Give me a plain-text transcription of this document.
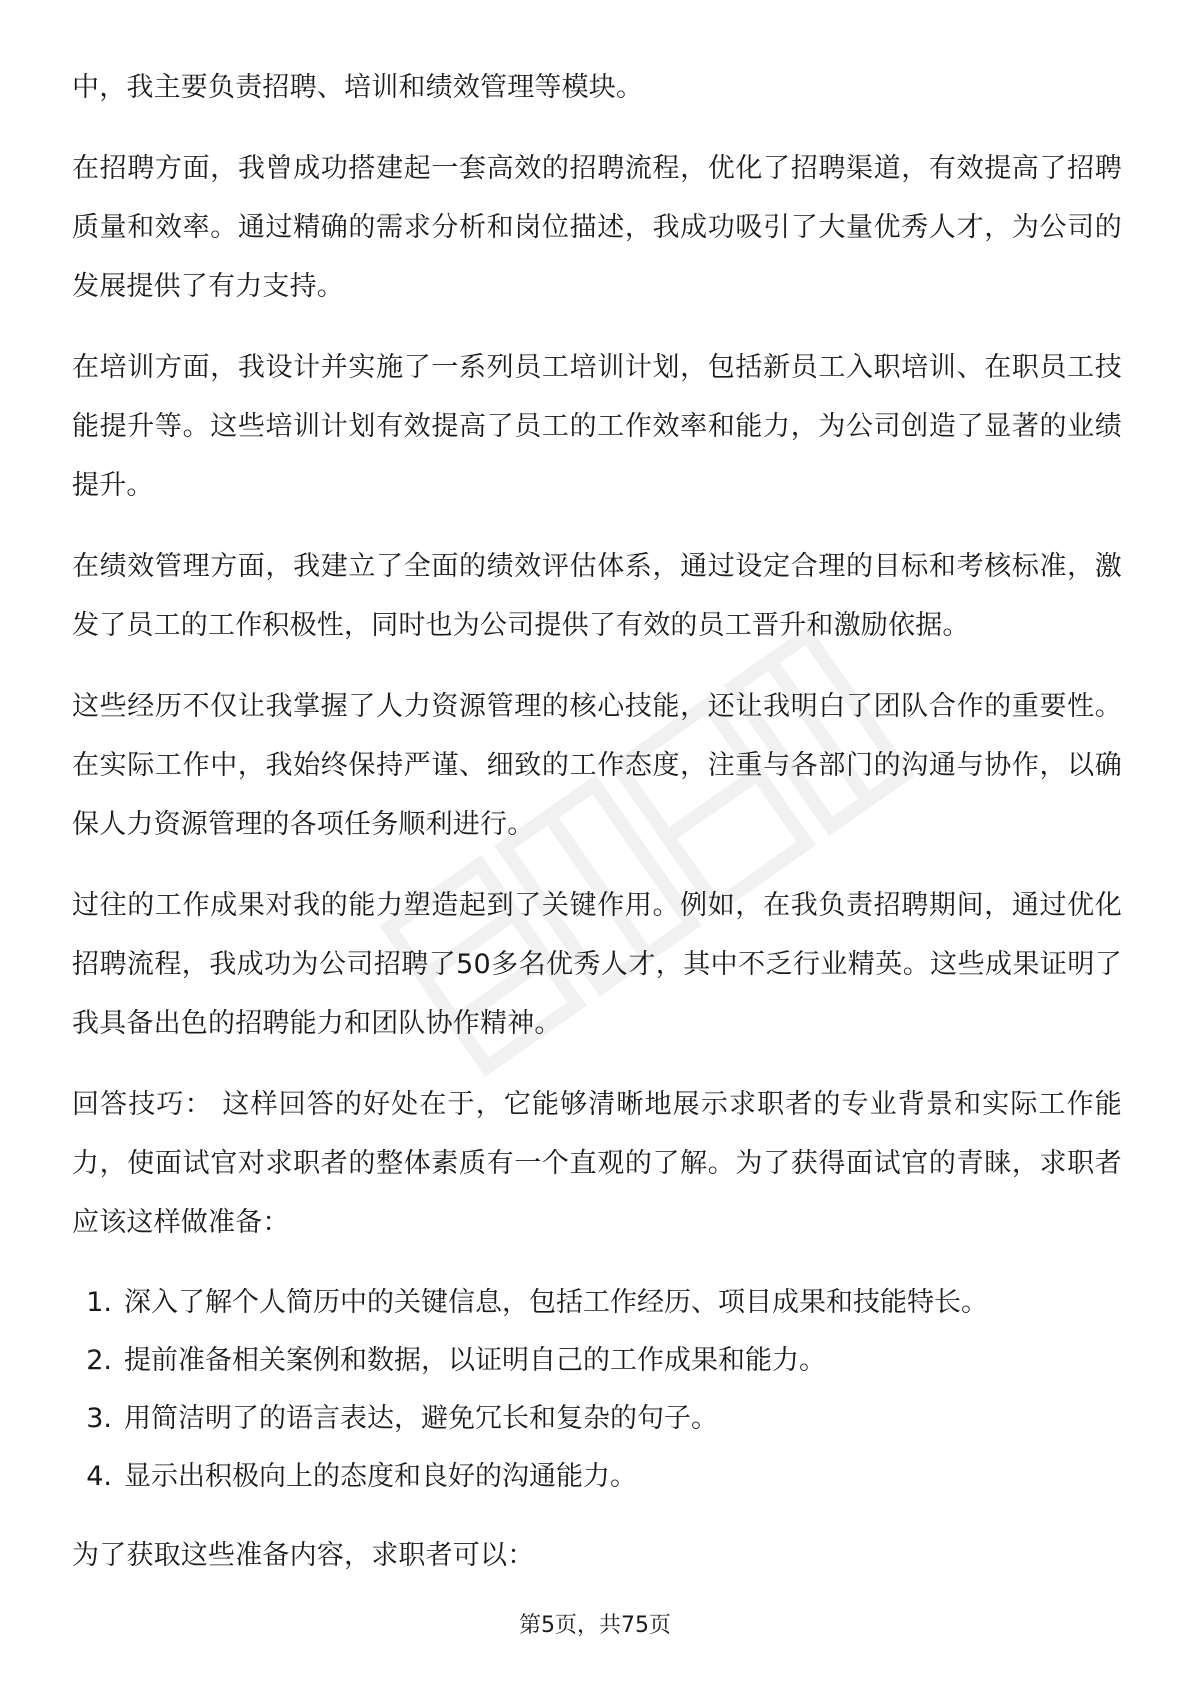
中，我主要负责招聘、培训和绩效管理等模块。

在招聘方面，我曾成功搭建起一套高效的招聘流程，优化了招聘渠道，有效提高了招聘质量和效率。通过精确的需求分析和岗位描述，我成功吸引了大量优秀人才，为公司的发展提供了有力支持。

在培训方面，我设计并实施了一系列员工培训计划，包括新员工入职培训、在职员工技能提升等。这些培训计划有效提高了员工的工作效率和能力，为公司创造了显著的业绩提升。

在绩效管理方面，我建立了全面的绩效评估体系，通过设定合理的目标和考核标准，激发了员工的工作积极性，同时也为公司提供了有效的员工晋升和激励依据。

这些经历不仅让我掌握了人力资源管理的核心技能，还让我明白了团队合作的重要性。在实际工作中，我始终保持严谨、细致的工作态度，注重与各部门的沟通与协作，以确保人力资源管理的各项任务顺利进行。

过往的工作成果对我的能力塑造起到了关键作用。例如，在我负责招聘期间，通过优化招聘流程，我成功为公司招聘了50多名优秀人才，其中不乏行业精英。这些成果证明了我具备出色的招聘能力和团队协作精神。

回答技巧： 这样回答的好处在于，它能够清晰地展示求职者的专业背景和实际工作能力，使面试官对求职者的整体素质有一个直观的了解。为了获得面试官的青睐，求职者应该这样做准备：

1. 深入了解个人简历中的关键信息，包括工作经历、项目成果和技能特长。
2. 提前准备相关案例和数据，以证明自己的工作成果和能力。
3. 用简洁明了的语言表达，避免冗长和复杂的句子。
4. 显示出积极向上的态度和良好的沟通能力。

为了获取这些准备内容，求职者可以：

第5页，共75页
